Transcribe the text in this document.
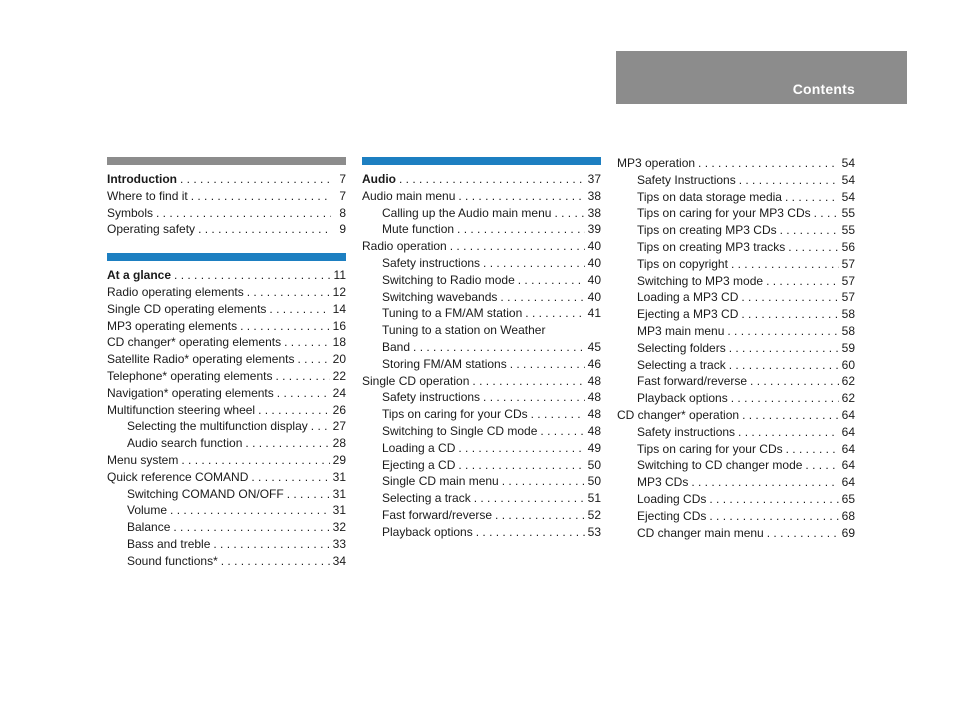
Contents
Introduction . . .	7
Where to find it . . .	7
Symbols . . .	8
Operating safety . . .	9
At a glance . . .	11
Radio operating elements . . .	12
Single CD operating elements . . .	14
MP3 operating elements . . .	16
CD changer* operating elements . . .	18
Satellite Radio* operating elements . . .	20
Telephone* operating elements . . .	22
Navigation* operating elements . . .	24
Multifunction steering wheel . . .	26
Selecting the multifunction display . . . 27
Audio search function . . .	28
Menu system . . .	29
Quick reference COMAND . . .	31
Switching COMAND ON/OFF . . .	31
Volume . . .	31
Balance . . .	32
Bass and treble . . .	33
Sound functions* . . .	34
Audio . . .	37
Audio main menu . . .	38
Calling up the Audio main menu . . .	38
Mute function . . .	39
Radio operation . . .	40
Safety instructions . . .	40
Switching to Radio mode . . .	40
Switching wavebands . . .	40
Tuning to a FM/AM station . . .	41
Tuning to a station on Weather
Band . . .	45
Storing FM/AM stations . . .	46
Single CD operation . . .	48
Safety instructions . . .	48
Tips on caring for your CDs . . .	48
Switching to Single CD mode . . .	48
Loading a CD . . .	49
Ejecting a CD . . .	50
Single CD main menu . . .	50
Selecting a track . . .	51
Fast forward/reverse . . .	52
Playback options . . .	53
MP3 operation . . .	54
Safety Instructions . . .	54
Tips on data storage media . . .	54
Tips on caring for your MP3 CDs . . .	55
Tips on creating MP3 CDs . . .	55
Tips on creating MP3 tracks . . .	56
Tips on copyright . . .	57
Switching to MP3 mode . . .	57
Loading a MP3 CD . . .	57
Ejecting a MP3 CD . . .	58
MP3 main menu . . .	58
Selecting folders . . .	59
Selecting a track . . .	60
Fast forward/reverse . . .	62
Playback options . . .	62
CD changer* operation . . .	64
Safety instructions . . .	64
Tips on caring for your CDs . . .	64
Switching to CD changer mode . . .	64
MP3 CDs . . .	64
Loading CDs . . .	65
Ejecting CDs . . .	68
CD changer main menu . . .	69
